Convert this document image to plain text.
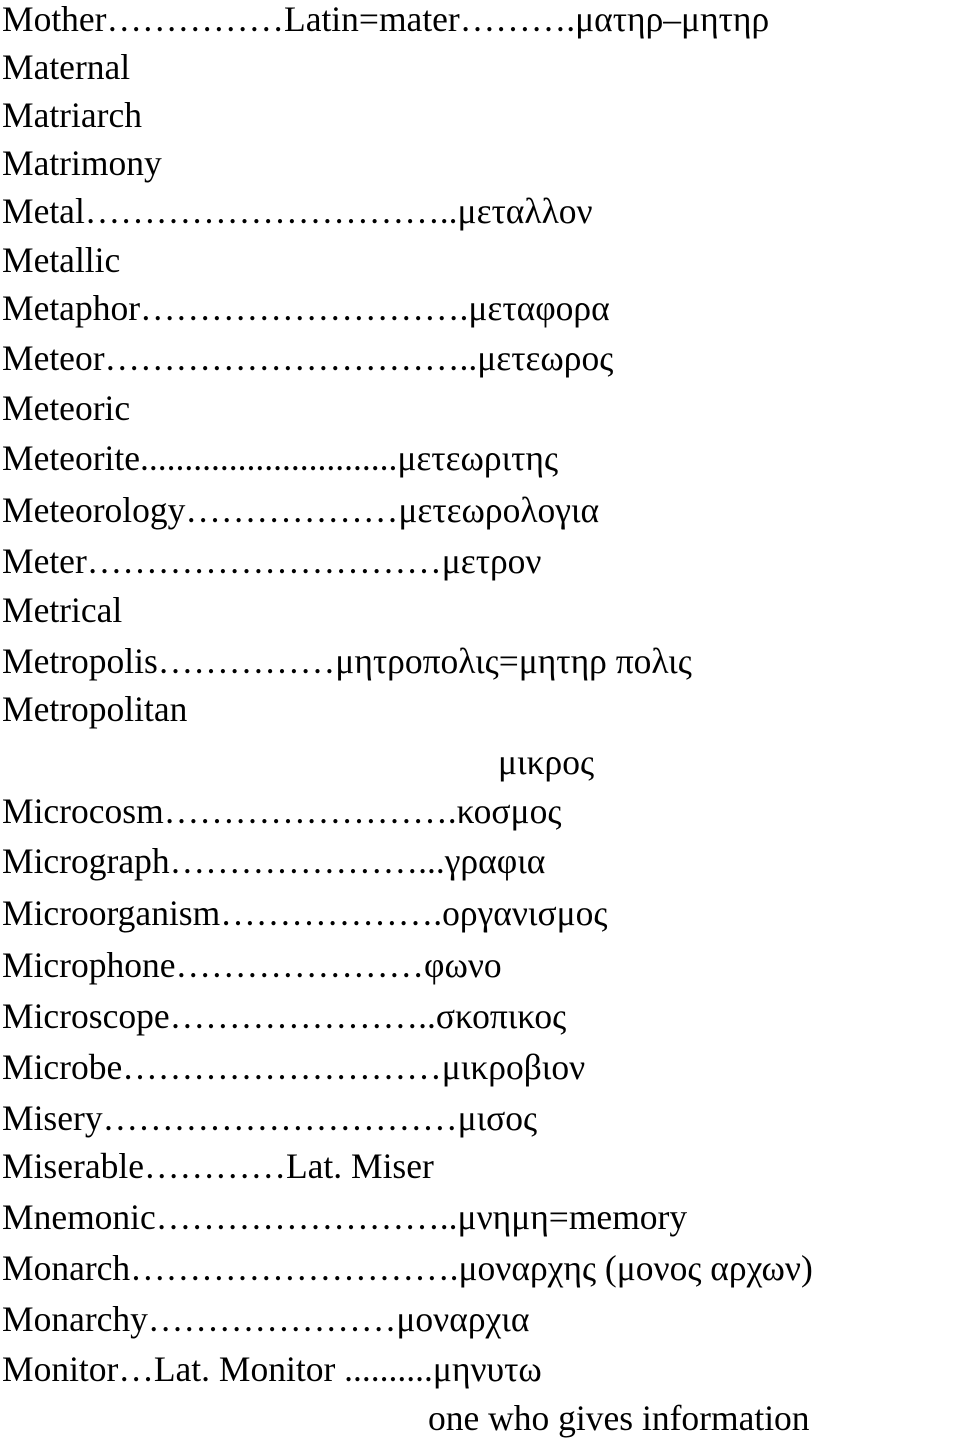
Mother……………Latin=mater……….ματηρ–μητηρ
Maternal
Matriarch
Matrimony
Metal…………………………..μεταλλον
Metallic
Metaphor……………………….μεταφορα
Meteor…………………………..μετεωρος
Meteoric
Meteorite.............................μετεωριτης
Meteorology………………μετεωρολογια
Meter…………………………μετρον
Metrical
Metropolis……………μητροπολις=μητηρ πολις
Metropolitan
μικρος
Microcosm…………………….κοσμος
Micrograph…………………...γραφια
Microorganism……………….οργανισμος
Microphone…………………φωνο
Microscope…………………..σκοπικος
Microbe………………………μικροβιον
Misery…………………………μισος
Miserable…………Lat. Miser
Mnemonic……………………..μνημη=memory
Monarch……………………….μοναρχης (μονος αρχων)
Monarchy…………………μοναρχια
Monitor…Lat. Monitor ..........μηνυτω
one who gives information
